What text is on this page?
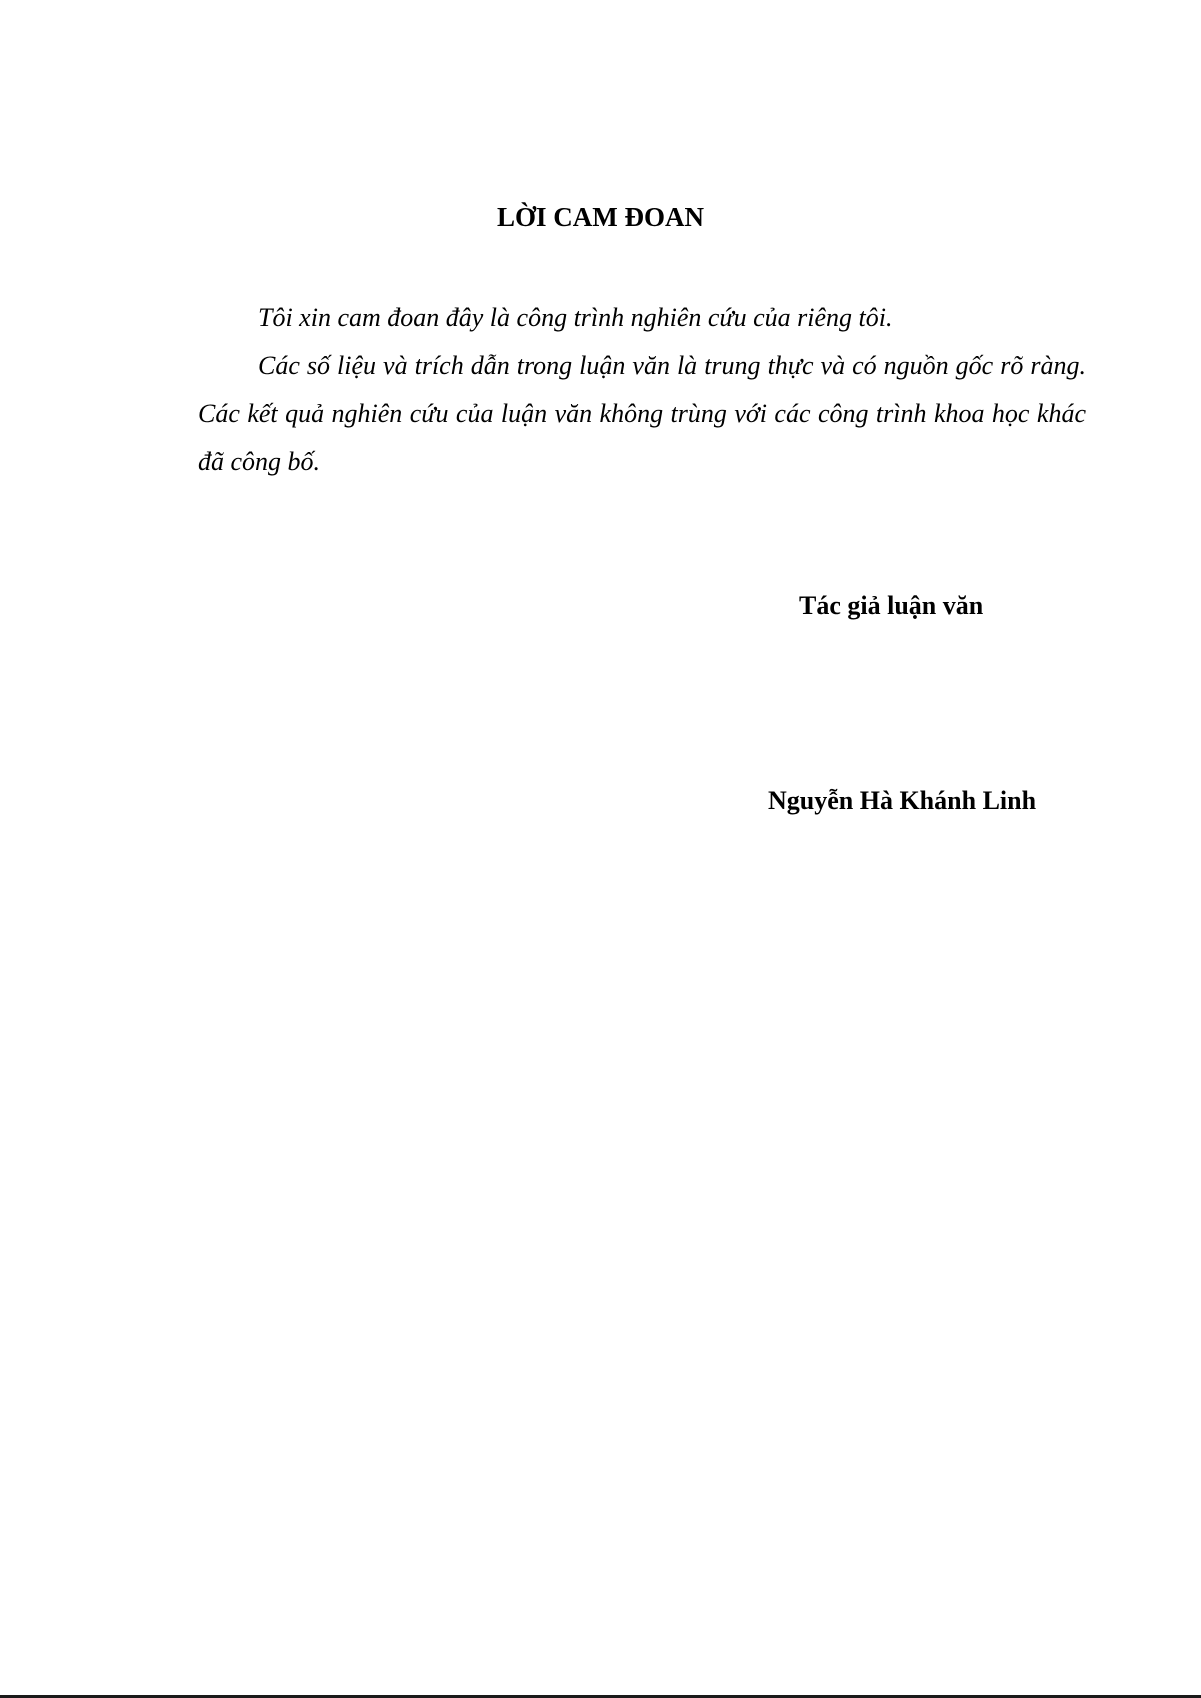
LỜI CAM ĐOAN

Tôi xin cam đoan đây là công trình nghiên cứu của riêng tôi.

Các số liệu và trích dẫn trong luận văn là trung thực và có nguồn gốc rõ ràng. Các kết quả nghiên cứu của luận văn không trùng với các công trình khoa học khác đã công bố.

Tác giả luận văn
Nguyễn Hà Khánh Linh
